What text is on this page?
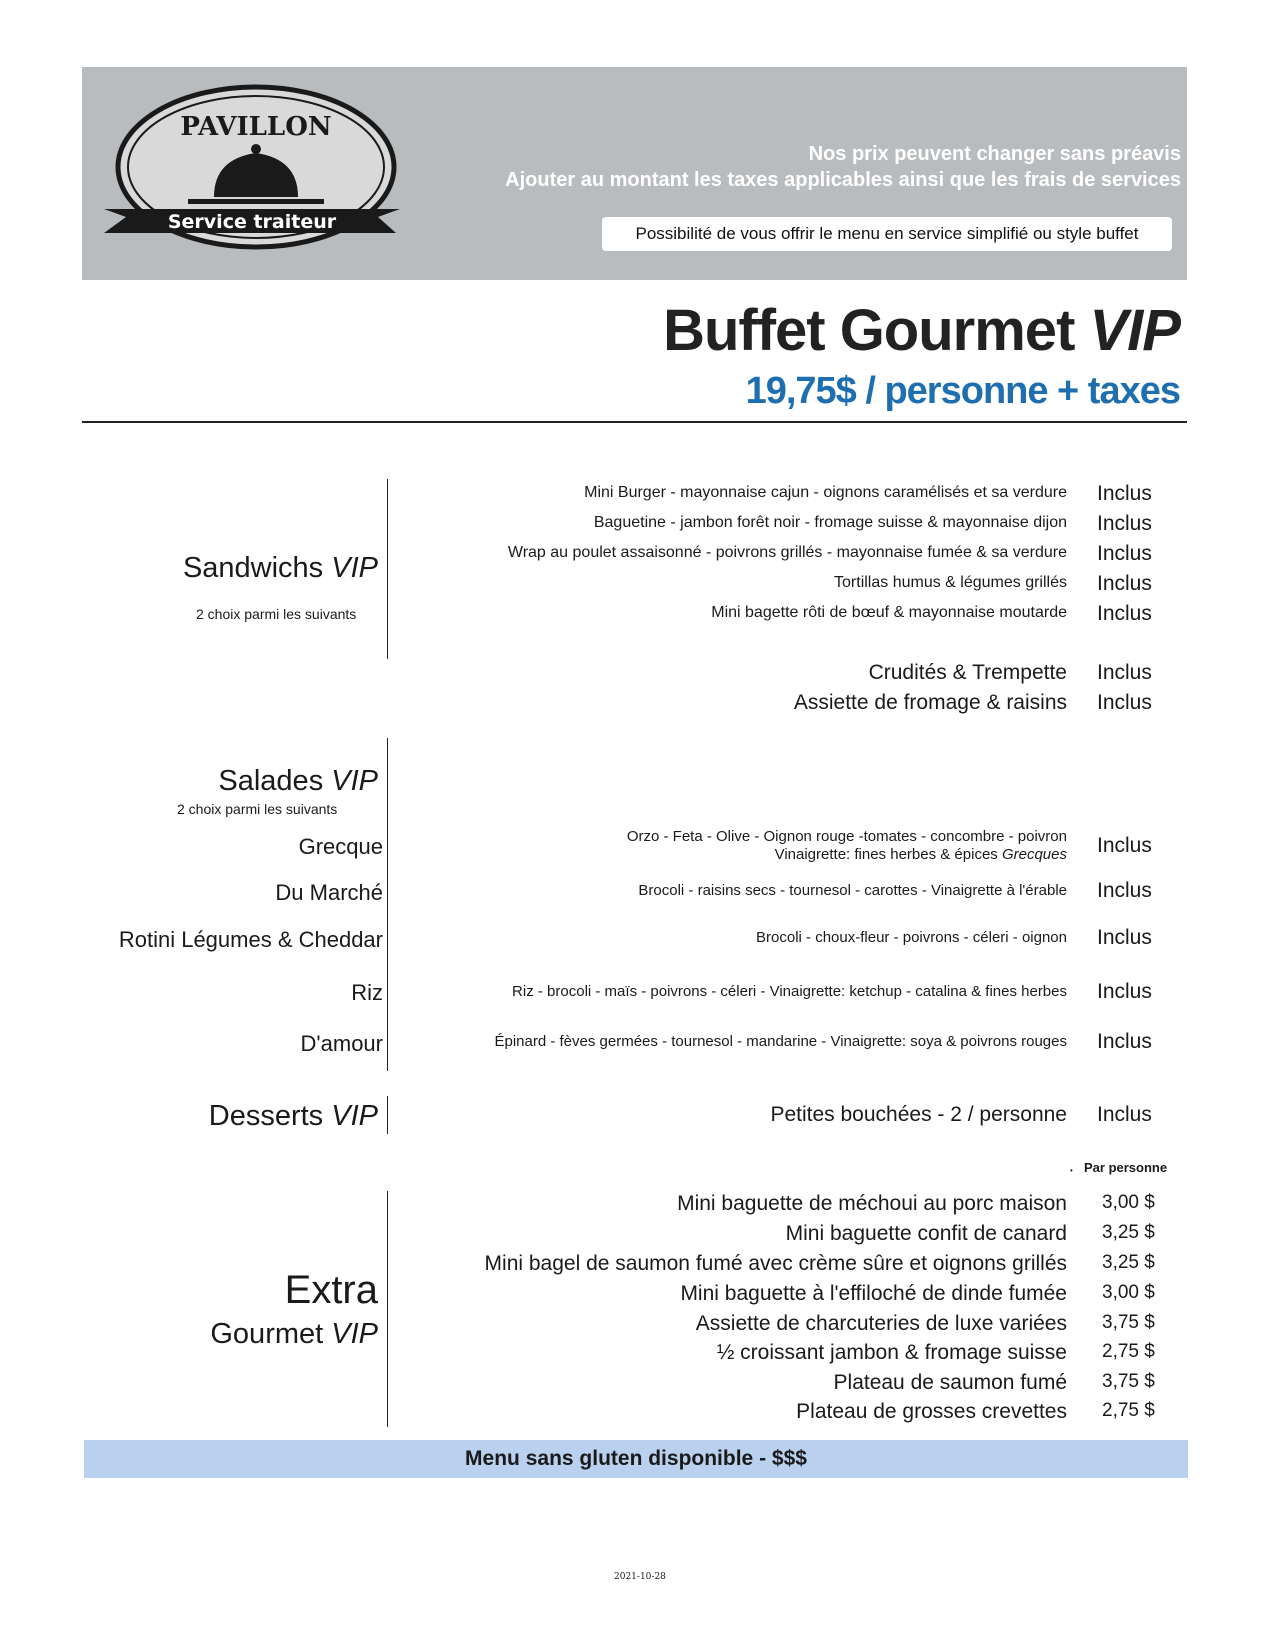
PAVILLON
Service traiteur
Nos prix peuvent changer sans préavis
Ajouter au montant les taxes applicables ainsi que les frais de services
Possibilité de vous offrir le menu en service simplifié ou style buffet
Buffet Gourmet VIP
19,75$ / personne + taxes
Sandwichs VIP
2 choix parmi les suivants
Mini Burger - mayonnaise cajun - oignons caramélisés et sa verdure Inclus
Baguetine - jambon forêt noir - fromage suisse & mayonnaise dijon Inclus
Wrap au poulet assaisonné - poivrons grillés - mayonnaise fumée & sa verdure Inclus
Tortillas humus & légumes grillés Inclus
Mini bagette rôti de bœuf & mayonnaise moutarde Inclus
Crudités & Trempette Inclus
Assiette de fromage & raisins Inclus
Salades VIP
2 choix parmi les suivants
Grecque	Orzo - Feta - Olive - Oignon rouge -tomates - concombre - poivron
Vinaigrette: fines herbes & épices Grecques Inclus
Du Marché	Brocoli - raisins secs - tournesol - carottes - Vinaigrette à l'érable Inclus
Rotini Légumes & Cheddar	Brocoli - choux-fleur - poivrons - céleri - oignon Inclus
Riz	Riz - brocoli - maïs - poivrons - céleri - Vinaigrette: ketchup - catalina & fines herbes Inclus
D'amour	Épinard - fèves germées - tournesol - mandarine - Vinaigrette: soya & poivrons rouges Inclus
Desserts VIP	Petites bouchées - 2 / personne Inclus
• Par personne
Extra
Gourmet VIP
Mini baguette de méchoui au porc maison 3,00 $
Mini baguette confit de canard 3,25 $
Mini bagel de saumon fumé avec crème sûre et oignons grillés 3,25 $
Mini baguette à l'effiloché de dinde fumée 3,00 $
Assiette de charcuteries de luxe variées 3,75 $
½ croissant jambon & fromage suisse 2,75 $
Plateau de saumon fumé 3,75 $
Plateau de grosses crevettes 2,75 $
Menu sans gluten disponible - $$$
2021-10-28
